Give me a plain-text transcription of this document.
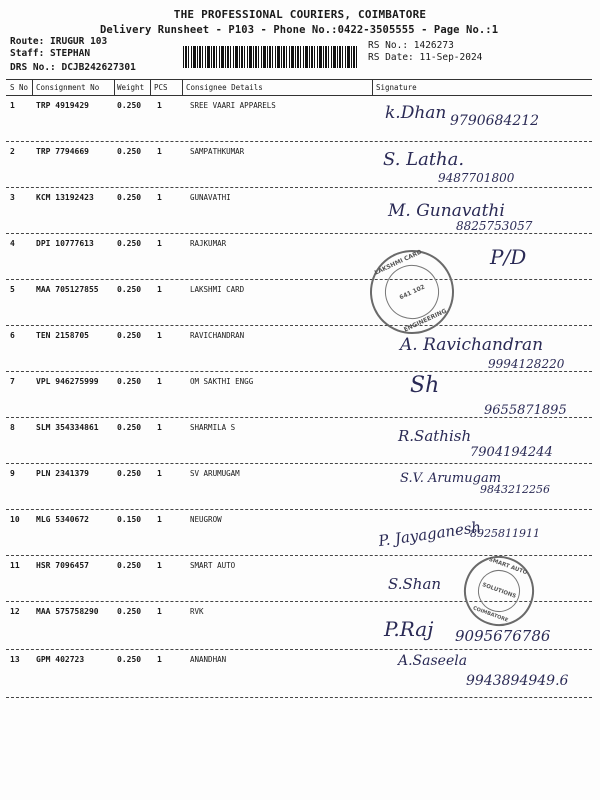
THE PROFESSIONAL COURIERS, COIMBATORE
Delivery Runsheet - P103 - Phone No.:0422-3505555 - Page No.:1
Route: IRUGUR 103
Staff: STEPHAN
DRS No.: DCJB242627301
RS No.: 1426273
RS Date: 11-Sep-2024
S No Consignment No Weight PCS Consignee Details	Signature
1	TRP 4919429	0.250 1	SREE VAARI APPARELS	k.Dhan 9790684212
2	TRP 7794669	0.250 1	SAMPATHKUMAR	S. Latha.
9487701800
3	KCM 13192423	0.250 1	GUNAVATHI
M. Gunavathi
8825753057
4	DPI 10777613	0.250 1	RAJKUMAR
P/D
5	MAA 705127855 0.250 1	LAKSHMI CARD
LAKSHMI CARD
641 102
ENGINEERING
6	TEN 2158705	0.250 1	RAVICHANDRAN	A. Ravichandran
9994128220
7	VPL 946275999 0.250 1	OM SAKTHI ENGG	Sh
9655871895
8	SLM 354334861 0.250 1	SHARMILA S	R.Sathish
7904194244
9	PLN 2341379	0.250 1	SV ARUMUGAM	S.V. Arumugam
9843212256
10 MLG 5340672	0.150 1	NEUGROW	P. Jayaganesh
8925811911
11 HSR 7096457	0.250 1	SMART AUTO
S.Shan
SMART AUTO
SOLUTIONS
COIMBATORE
12 MAA 575758290 0.250 1	RVK
P.Raj 9095676786
13 GPM 402723	0.250 1	ANANDHAN	A.Saseela
9943894949.6
